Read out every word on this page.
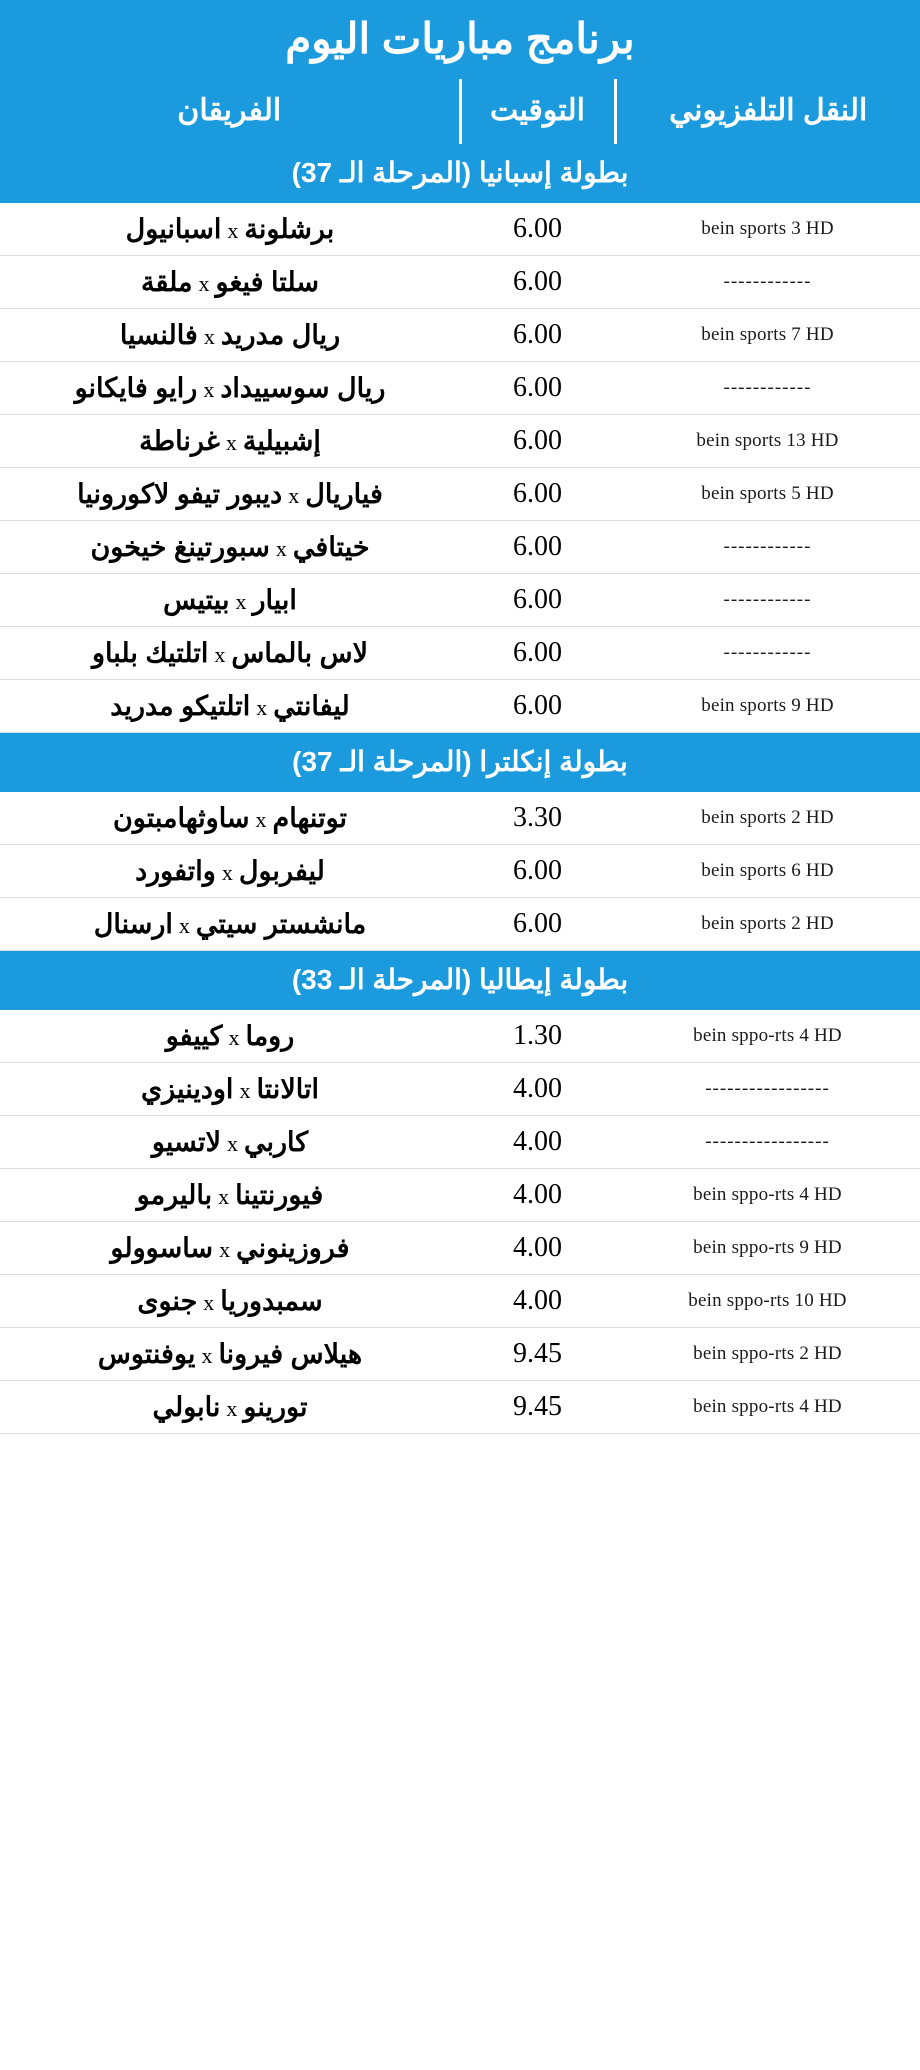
برنامج مباريات اليوم
النقل التلفزيوني	التوقيت	الفريقان
بطولة إسبانيا (المرحلة الـ 37)		
bein sports 3 HD	6.00	برشلونةxاسبانيول
------------	6.00	سلتا فيغوxملقة
bein sports 7 HD	6.00	ريال مدريدxفالنسيا
------------	6.00	ريال سوسييدادxرايو فايكانو
bein sports 13 HD	6.00	إشبيليةxغرناطة
bein sports 5 HD	6.00	فياريالxديبور تيفو لاكورونيا
------------	6.00	خيتافيxسبورتينغ خيخون
------------	6.00	ابيارxبيتيس
------------	6.00	لاس بالماسxاتلتيك بلباو
bein sports 9 HD	6.00	ليفانتيxاتلتيكو مدريد
بطولة إنكلترا (المرحلة الـ 37)		
bein sports 2 HD	3.30	توتنهامxساوثهامبتون
bein sports 6 HD	6.00	ليفربولxواتفورد
bein sports 2 HD	6.00	مانشستر سيتيxارسنال
بطولة إيطاليا (المرحلة الـ 33)		
bein sppo-rts 4 HD	1.30	روماxكييفو
-----------------	4.00	اتالانتاxاودينيزي
-----------------	4.00	كاربيxلاتسيو
bein sppo-rts 4 HD	4.00	فيورنتيناxباليرمو
bein sppo-rts 9 HD	4.00	فروزينونيxساسوولو
bein sppo-rts 10 HD	4.00	سمبدورياxجنوى
bein sppo-rts 2 HD	9.45	هيلاس فيروناxيوفنتوس
bein sppo-rts 4 HD	9.45	تورينوxنابولي
